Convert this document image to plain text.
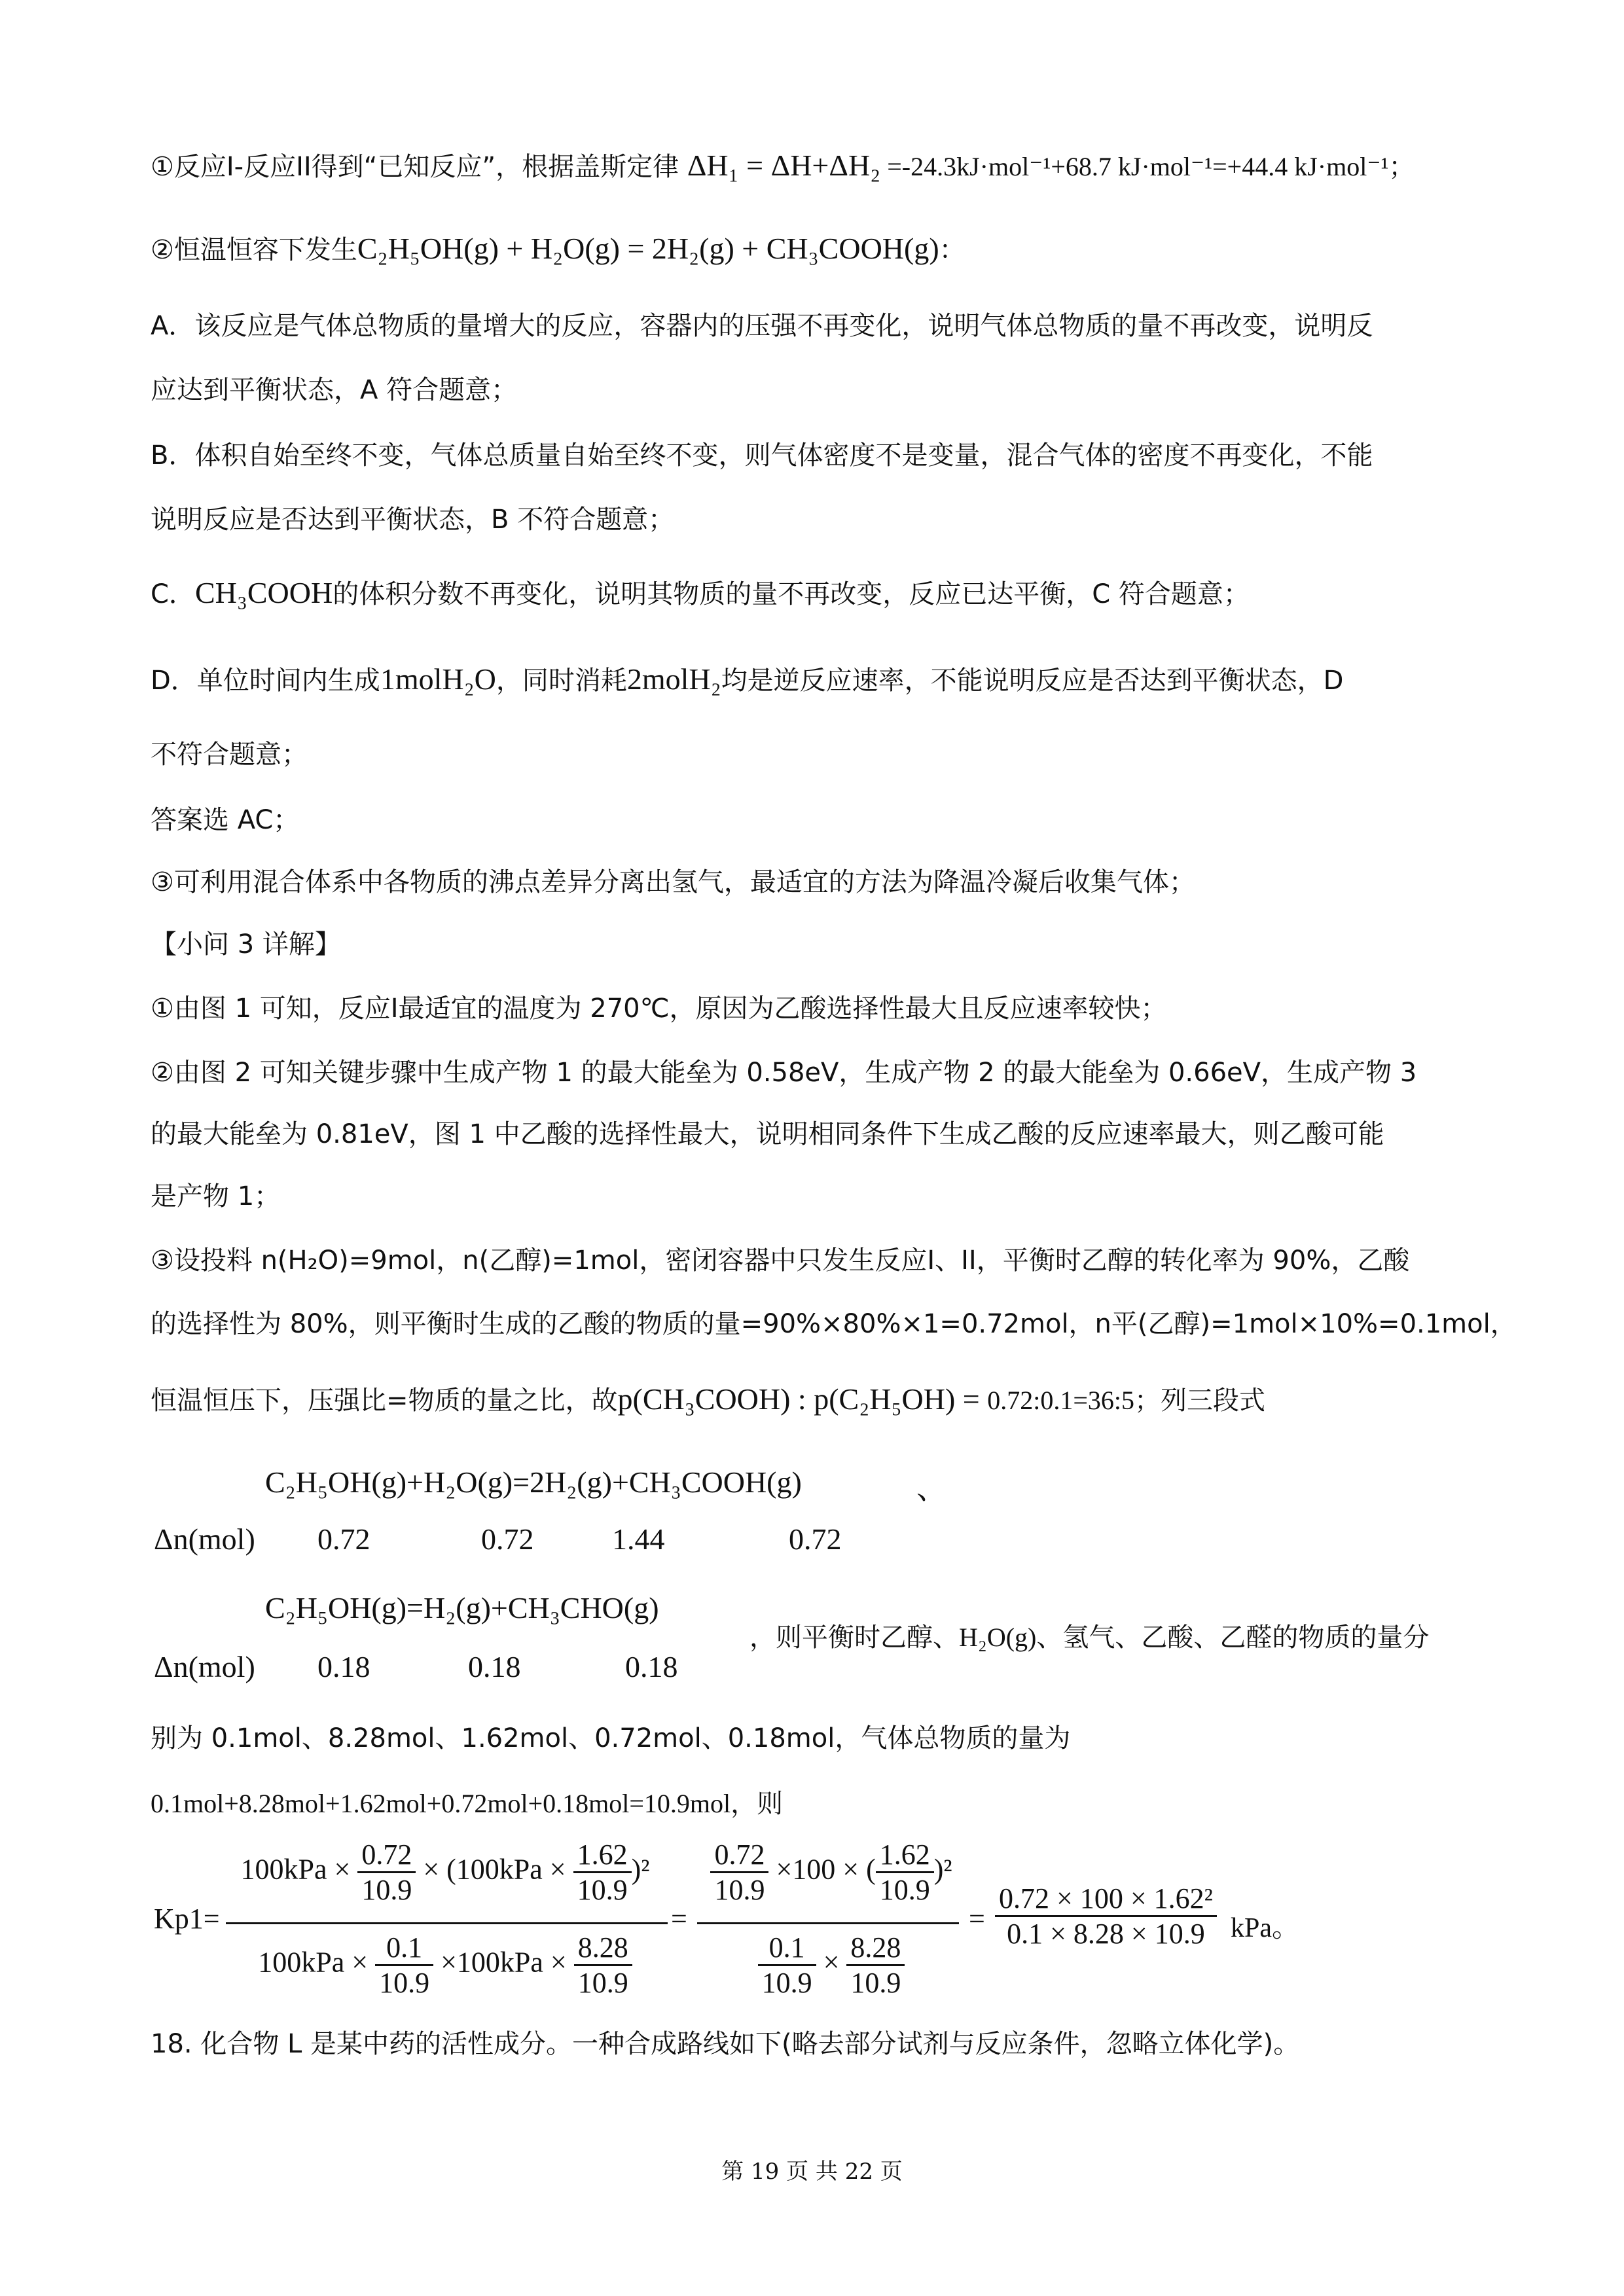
①反应I-反应II得到“已知反应”，根据盖斯定律 ΔH₁ = ΔH+ΔH₂ =-24.3kJ·mol⁻¹+68.7 kJ·mol⁻¹=+44.4 kJ·mol⁻¹；
②恒温恒容下发生C₂H₅OH(g) + H₂O(g) = 2H₂(g) + CH₃COOH(g)：
A．该反应是气体总物质的量增大的反应，容器内的压强不再变化，说明气体总物质的量不再改变，说明反
应达到平衡状态，A 符合题意；
B．体积自始至终不变，气体总质量自始至终不变，则气体密度不是变量，混合气体的密度不再变化，不能
说明反应是否达到平衡状态，B 不符合题意；
C．CH₃COOH的体积分数不再变化，说明其物质的量不再改变，反应已达平衡，C 符合题意；
D．单位时间内生成1molH₂O，同时消耗2molH₂均是逆反应速率，不能说明反应是否达到平衡状态，D
不符合题意；
答案选 AC；
③可利用混合体系中各物质的沸点差异分离出氢气，最适宜的方法为降温冷凝后收集气体；
【小问 3 详解】
①由图 1 可知，反应I最适宜的温度为 270℃，原因为乙酸选择性最大且反应速率较快；
②由图 2 可知关键步骤中生成产物 1 的最大能垒为 0.58eV，生成产物 2 的最大能垒为 0.66eV，生成产物 3
的最大能垒为 0.81eV，图 1 中乙酸的选择性最大，说明相同条件下生成乙酸的反应速率最大，则乙酸可能
是产物 1；
③设投料 n(H₂O)=9mol，n(乙醇)=1mol，密闭容器中只发生反应I、II，平衡时乙醇的转化率为 90%，乙酸
的选择性为 80%，则平衡时生成的乙酸的物质的量=90%×80%×1=0.72mol，n平(乙醇)=1mol×10%=0.1mol，
恒温恒压下，压强比=物质的量之比，故p(CH₃COOH) : p(C₂H₅OH) = 0.72:0.1=36:5；列三段式
C₂H₅OH(g)+H₂O(g)=2H₂(g)+CH₃COOH(g)	、
Δn(mol) 0.72	0.72	1.44	0.72
C₂H₅OH(g)=H₂(g)+CH₃CHO(g)
，则平衡时乙醇、H₂O(g)、氢气、乙酸、乙醛的物质的量分
Δn(mol) 0.18	0.18	0.18
别为 0.1mol、8.28mol、1.62mol、0.72mol、0.18mol，气体总物质的量为
0.1mol+8.28mol+1.62mol+0.72mol+0.18mol=10.9mol，则
Kp1=
$100kPa \times \frac{0.72}{10.9} \times (100kPa \times \frac{1.62}{10.9} )^2$
$100kPa \times \frac{0.1}{10.9} \times 100kPa \times \frac{8.28}{10.9}$
=
$\frac{0.72}{10.9} \times 100$ × ( $\frac{1.62}{10.9} )^2$
$\frac{0.1}{10.9} \times \frac{8.28}{10.9}$
= $\frac{\text{0.72 × 100 × 1.62²}}{0.1 \times 8.28 \times 10.9}$ kPa。
18. 化合物 L 是某中药的活性成分。一种合成路线如下(略去部分试剂与反应条件，忽略立体化学)。
第 19 页 共 22 页
